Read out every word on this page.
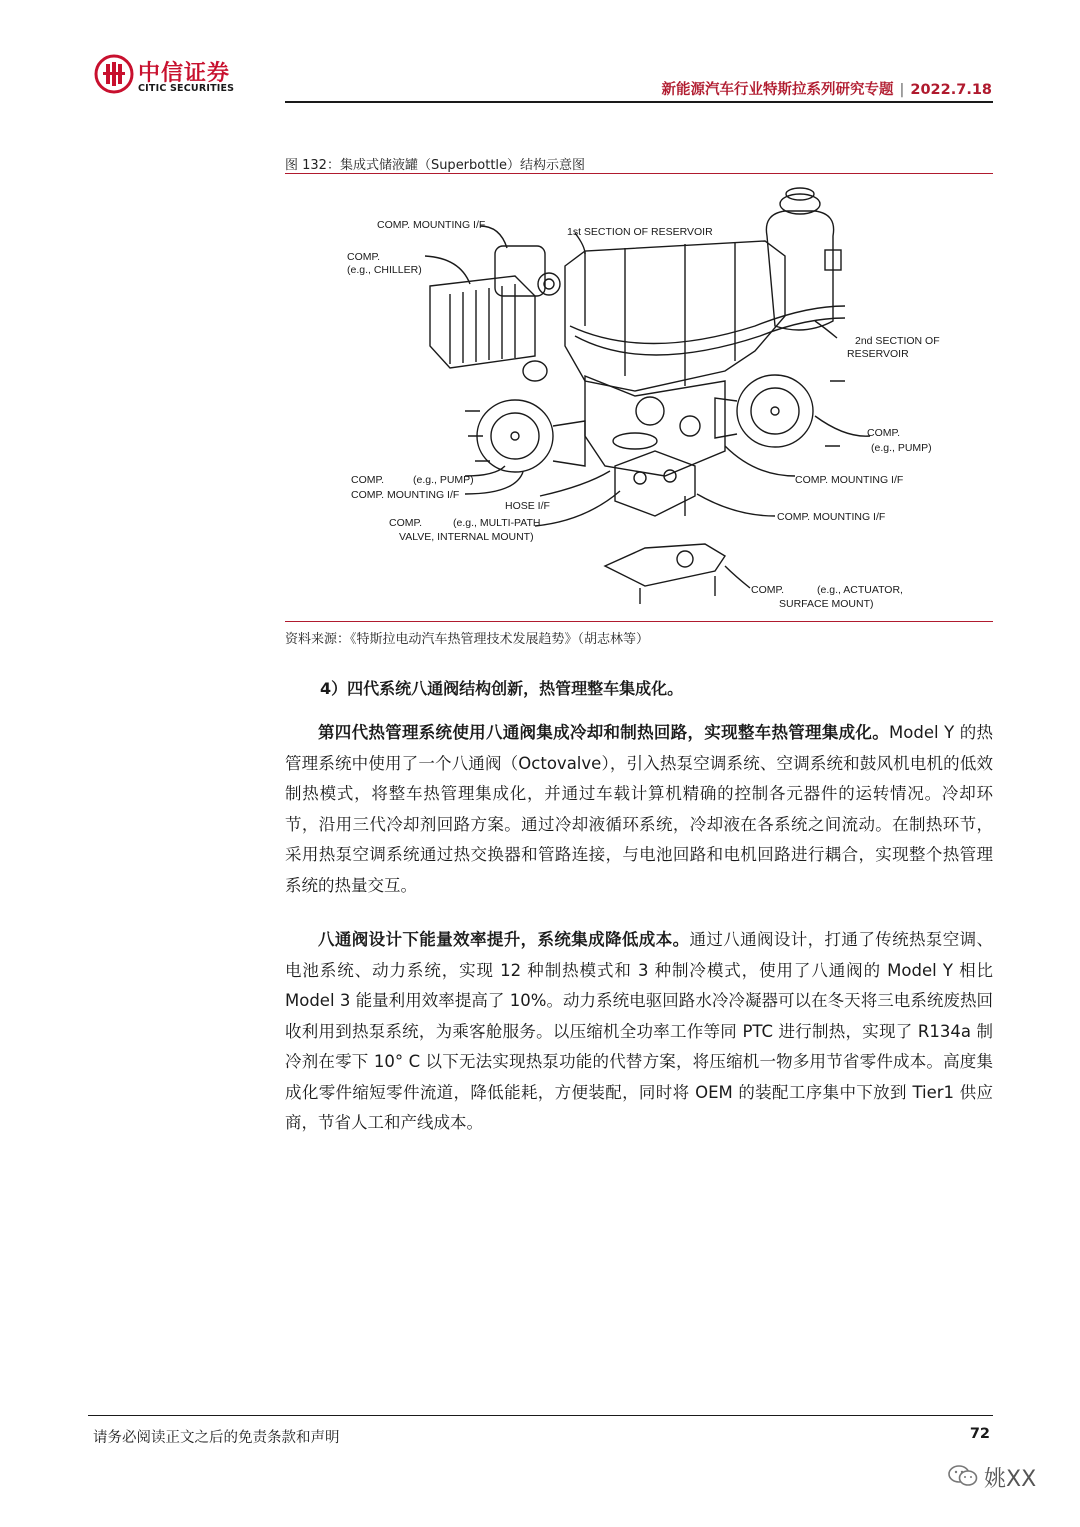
中信证券
CITIC SECURITIES	新能源汽车行业特斯拉系列研究专题 | 2022.7.18
图 132：集成式储液罐（Superbottle）结构示意图
COMP. MOUNTING I/F
COMP.
(e.g., CHILLER)
1st SECTION OF RESERVOIR
2nd SECTION OF
RESERVOIR
COMP.
(e.g., PUMP)
COMP.	(e.g., PUMP)
COMP. MOUNTING I/F
HOSE I/F
COMP.	(e.g., MULTI-PATH
VALVE, INTERNAL MOUNT)
COMP. MOUNTING I/F
COMP. MOUNTING I/F
COMP.	(e.g., ACTUATOR,
SURFACE MOUNT)
资料来源：《特斯拉电动汽车热管理技术发展趋势》（胡志林等）
4）四代系统八通阀结构创新，热管理整车集成化。
第四代热管理系统使用八通阀集成冷却和制热回路，实现整车热管理集成化。Model Y 的热管理系统中使用了一个八通阀（Octovalve），引入热泵空调系统、空调系统和鼓风机电机的低效制热模式，将整车热管理集成化，并通过车载计算机精确的控制各元器件的运转情况。冷却环节，沿用三代冷却剂回路方案。通过冷却液循环系统，冷却液在各系统之间流动。在制热环节，采用热泵空调系统通过热交换器和管路连接，与电池回路和电机回路进行耦合，实现整个热管理系统的热量交互。
八通阀设计下能量效率提升，系统集成降低成本。通过八通阀设计，打通了传统热泵空调、电池系统、动力系统，实现 12 种制热模式和 3 种制冷模式，使用了八通阀的 Model Y 相比 Model 3 能量利用效率提高了 10%。动力系统电驱回路水冷冷凝器可以在冬天将三电系统废热回收利用到热泵系统，为乘客舱服务。以压缩机全功率工作等同 PTC 进行制热，实现了 R134a 制冷剂在零下 10° C 以下无法实现热泵功能的代替方案，将压缩机一物多用节省零件成本。高度集成化零件缩短零件流道，降低能耗，方便装配，同时将 OEM 的装配工序集中下放到 Tier1 供应商，节省人工和产线成本。
请务必阅读正文之后的免责条款和声明	72
姚XX
